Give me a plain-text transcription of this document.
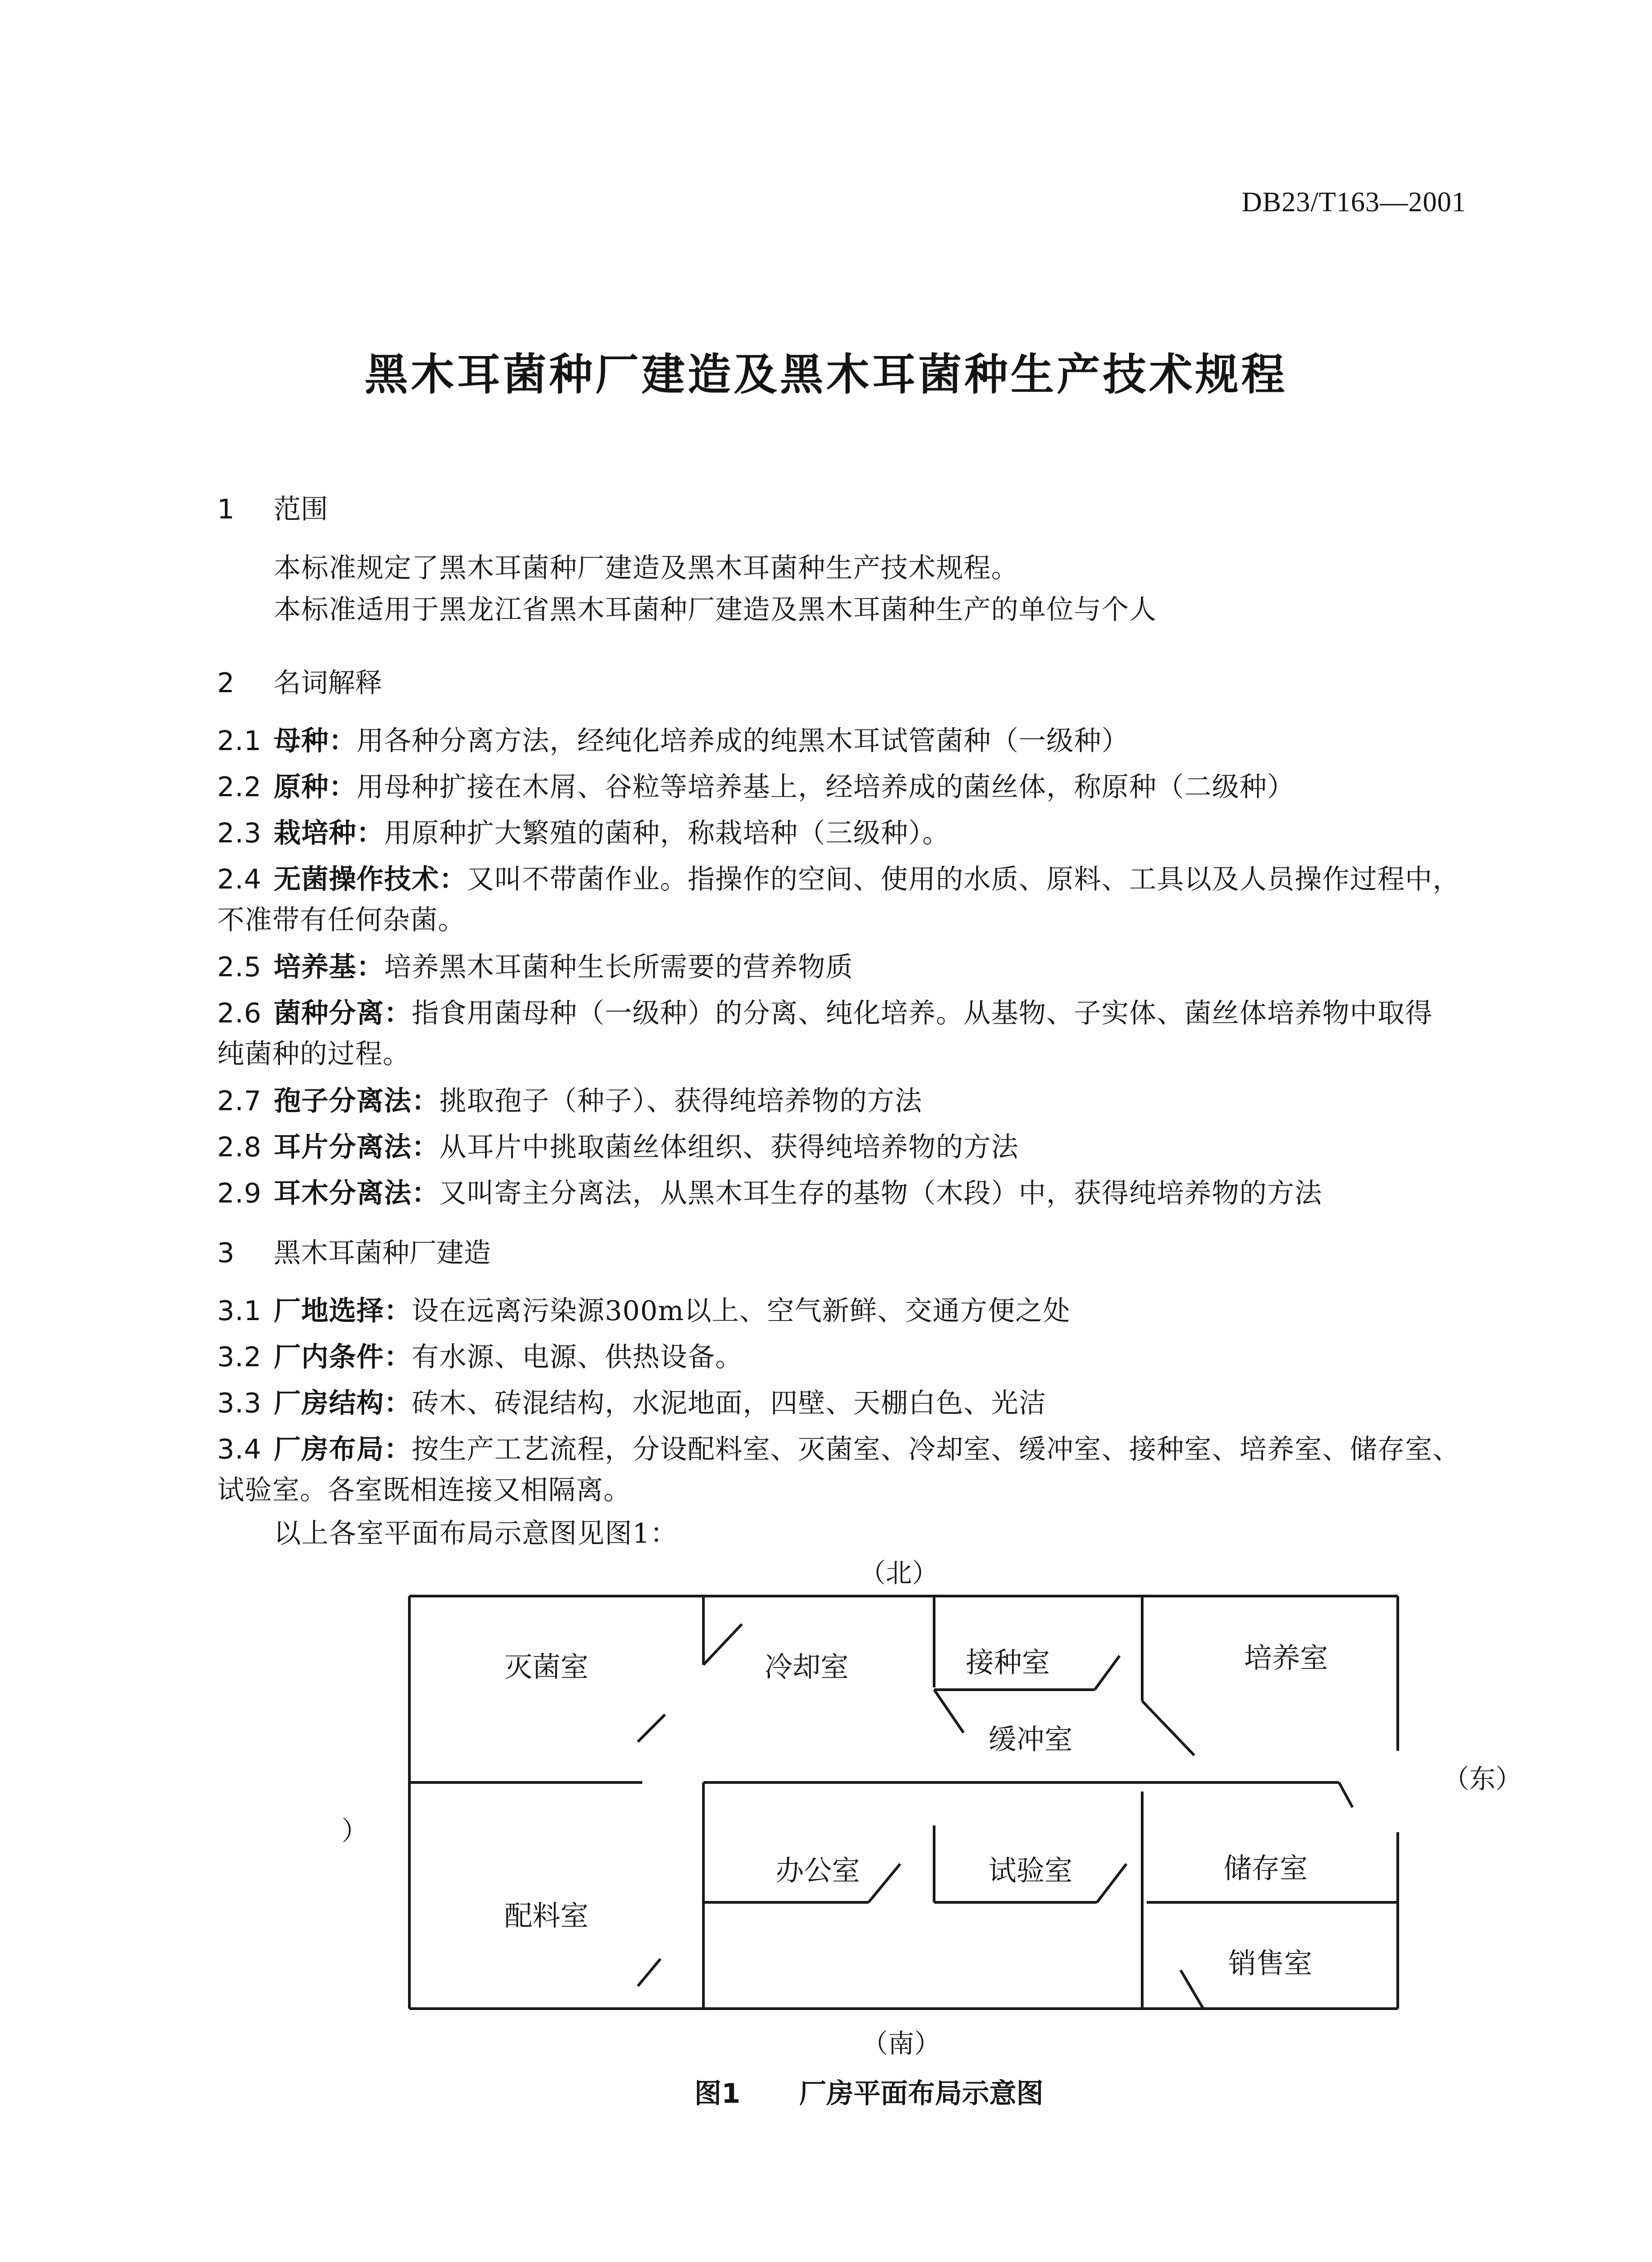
DB23/T163—2001
黑木耳菌种厂建造及黑木耳菌种生产技术规程
1 范围
本标准规定了黑木耳菌种厂建造及黑木耳菌种生产技术规程。
本标准适用于黑龙江省黑木耳菌种厂建造及黑木耳菌种生产的单位与个人
2 名词解释
2.1 母种：用各种分离方法，经纯化培养成的纯黑木耳试管菌种（一级种）
2.2 原种：用母种扩接在木屑、谷粒等培养基上，经培养成的菌丝体，称原种（二级种）
2.3 栽培种：用原种扩大繁殖的菌种，称栽培种（三级种）。
2.4 无菌操作技术：又叫不带菌作业。指操作的空间、使用的水质、原料、工具以及人员操作过程中，
不准带有任何杂菌。
2.5 培养基：培养黑木耳菌种生长所需要的营养物质
2.6 菌种分离：指食用菌母种（一级种）的分离、纯化培养。从基物、子实体、菌丝体培养物中取得
纯菌种的过程。
2.7 孢子分离法：挑取孢子（种子）、获得纯培养物的方法
2.8 耳片分离法：从耳片中挑取菌丝体组织、获得纯培养物的方法
2.9 耳木分离法：又叫寄主分离法，从黑木耳生存的基物（木段）中，获得纯培养物的方法
3 黑木耳菌种厂建造
3.1 厂地选择：设在远离污染源300m以上、空气新鲜、交通方便之处
3.2 厂内条件：有水源、电源、供热设备。
3.3 厂房结构：砖木、砖混结构，水泥地面，四壁、天棚白色、光洁
3.4 厂房布局：按生产工艺流程，分设配料室、灭菌室、冷却室、缓冲室、接种室、培养室、储存室、
试验室。各室既相连接又相隔离。
以上各室平面布局示意图见图1：
（北）
（南）
（东）
）
灭菌室	冷却室	接种室	培养室
缓冲室
配料室
办公室	试验室	储存室
销售室
图1 厂房平面布局示意图
